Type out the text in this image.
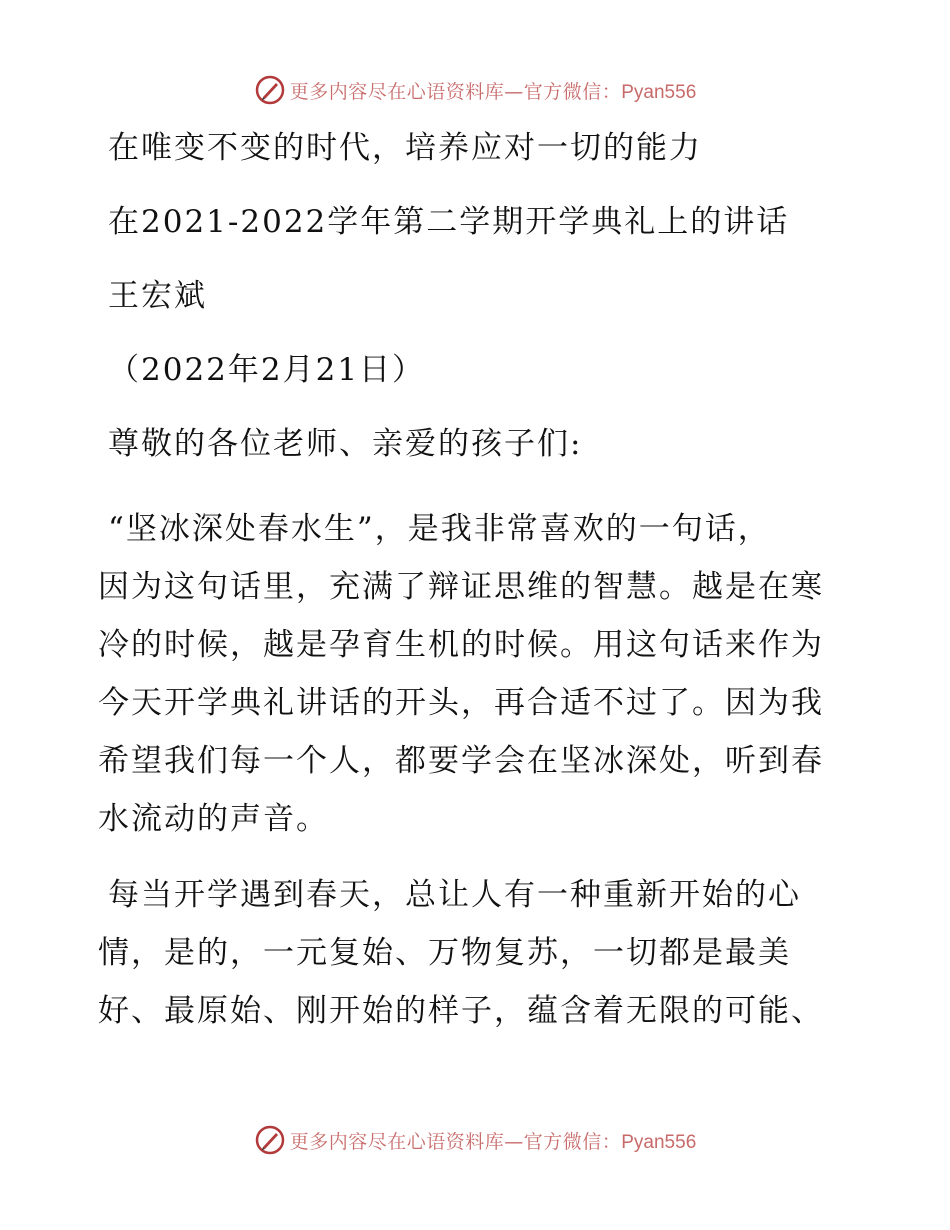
更多内容尽在心语资料库—官方微信：Pyan556
在唯变不变的时代，培养应对一切的能力
在2021-2022学年第二学期开学典礼上的讲话
王宏斌
（2022年2月21日）
尊敬的各位老师、亲爱的孩子们:
“坚冰深处春水生”，是我非常喜欢的一句话，
因为这句话里，充满了辩证思维的智慧。越是在寒
冷的时候，越是孕育生机的时候。用这句话来作为
今天开学典礼讲话的开头，再合适不过了。因为我
希望我们每一个人，都要学会在坚冰深处，听到春
水流动的声音。
每当开学遇到春天，总让人有一种重新开始的心
情，是的，一元复始、万物复苏，一切都是最美
好、最原始、刚开始的样子，蕴含着无限的可能、
更多内容尽在心语资料库—官方微信：Pyan556
